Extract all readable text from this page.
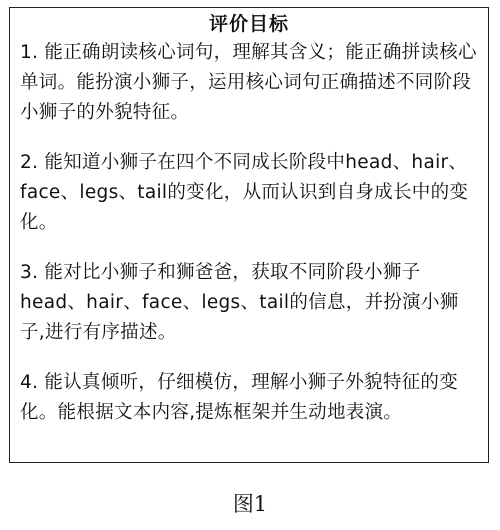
评价目标
1. 能正确朗读核心词句，理解其含义；能正确拼读核心单词。能扮演小狮子，运用核心词句正确描述不同阶段小狮子的外貌特征。
2. 能知道小狮子在四个不同成长阶段中head、hair、face、legs、tail的变化，从而认识到自身成长中的变化。
3. 能对比小狮子和狮爸爸，获取不同阶段小狮子head、hair、face、legs、tail的信息，并扮演小狮子,进行有序描述。
4. 能认真倾听，仔细模仿，理解小狮子外貌特征的变化。能根据文本内容,提炼框架并生动地表演。
图1
